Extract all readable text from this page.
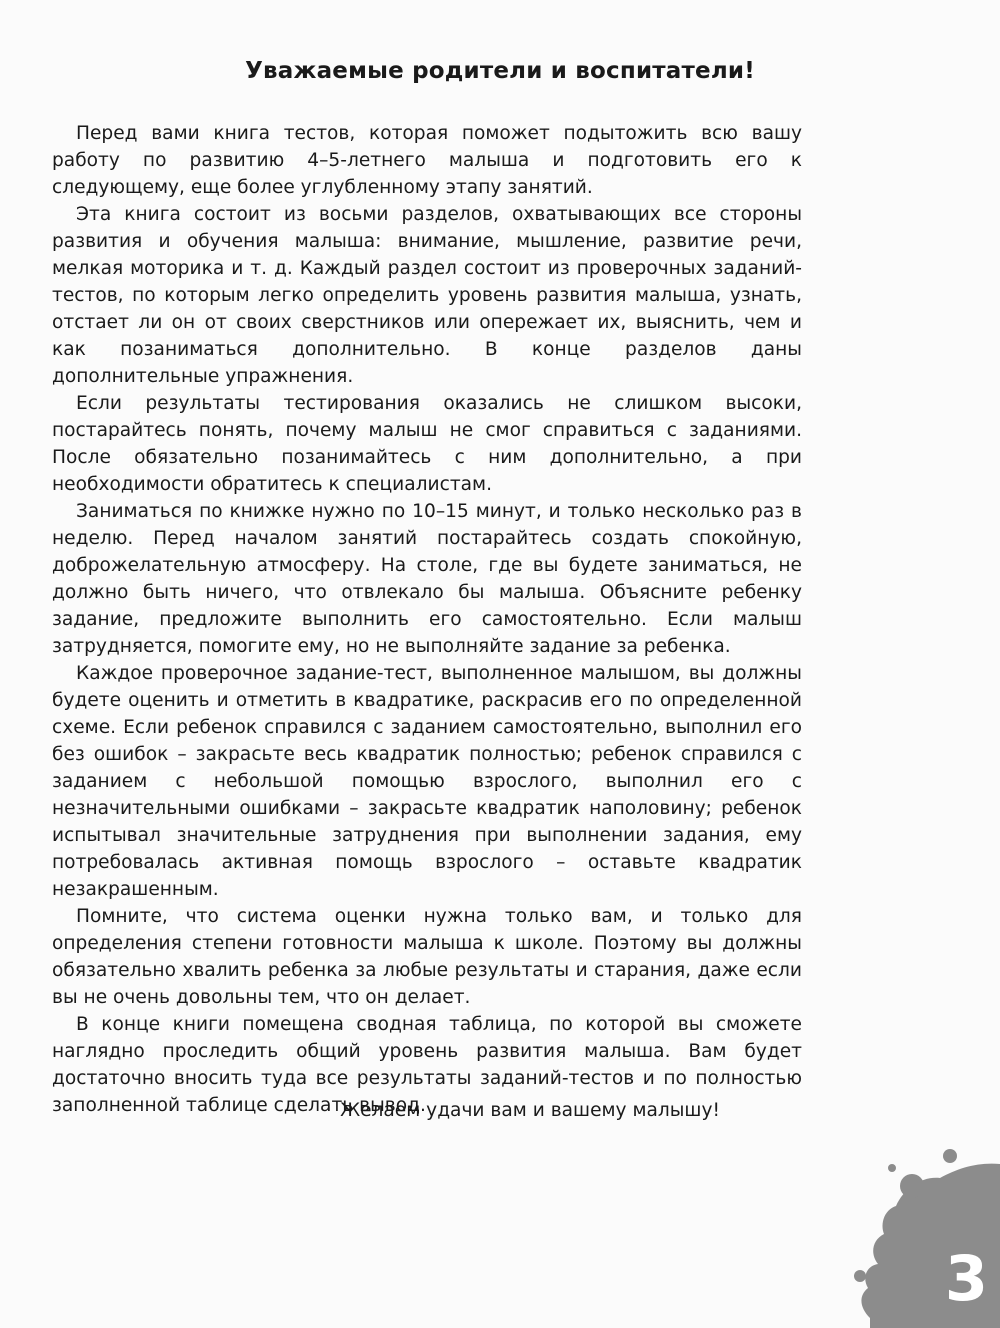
Уважаемые родители и воспитатели!

Перед вами книга тестов, которая поможет подытожить всю вашу работу по развитию 4–5-летнего малыша и подготовить его к следующему, еще более углубленному этапу занятий.

Эта книга состоит из восьми разделов, охватывающих все стороны развития и обучения малыша: внимание, мышление, развитие речи, мелкая моторика и т. д. Каждый раздел состоит из проверочных заданий-тестов, по которым легко определить уровень развития малыша, узнать, отстает ли он от своих сверстников или опережает их, выяснить, чем и как позаниматься дополнительно. В конце разделов даны дополнительные упражнения.

Если результаты тестирования оказались не слишком высоки, постарайтесь понять, почему малыш не смог справиться с заданиями. После обязательно позанимайтесь с ним дополнительно, а при необходимости обратитесь к специалистам.

Заниматься по книжке нужно по 10–15 минут, и только несколько раз в неделю. Перед началом занятий постарайтесь создать спокойную, доброжелательную атмосферу. На столе, где вы будете заниматься, не должно быть ничего, что отвлекало бы малыша. Объясните ребенку задание, предложите выполнить его самостоятельно. Если малыш затрудняется, помогите ему, но не выполняйте задание за ребенка.

Каждое проверочное задание-тест, выполненное малышом, вы должны будете оценить и отметить в квадратике, раскрасив его по определенной схеме. Если ребенок справился с заданием самостоятельно, выполнил его без ошибок – закрасьте весь квадратик полностью; ребенок справился с заданием с небольшой помощью взрослого, выполнил его с незначительными ошибками – закрасьте квадратик наполовину; ребенок испытывал значительные затруднения при выполнении задания, ему потребовалась активная помощь взрослого – оставьте квадратик незакрашенным.

Помните, что система оценки нужна только вам, и только для определения степени готовности малыша к школе. Поэтому вы должны обязательно хвалить ребенка за любые результаты и старания, даже если вы не очень довольны тем, что он делает.

В конце книги помещена сводная таблица, по которой вы сможете наглядно проследить общий уровень развития малыша. Вам будет достаточно вносить туда все результаты заданий-тестов и по полностью заполненной таблице сделать вывод.

Желаем удачи вам и вашему малышу!
3
